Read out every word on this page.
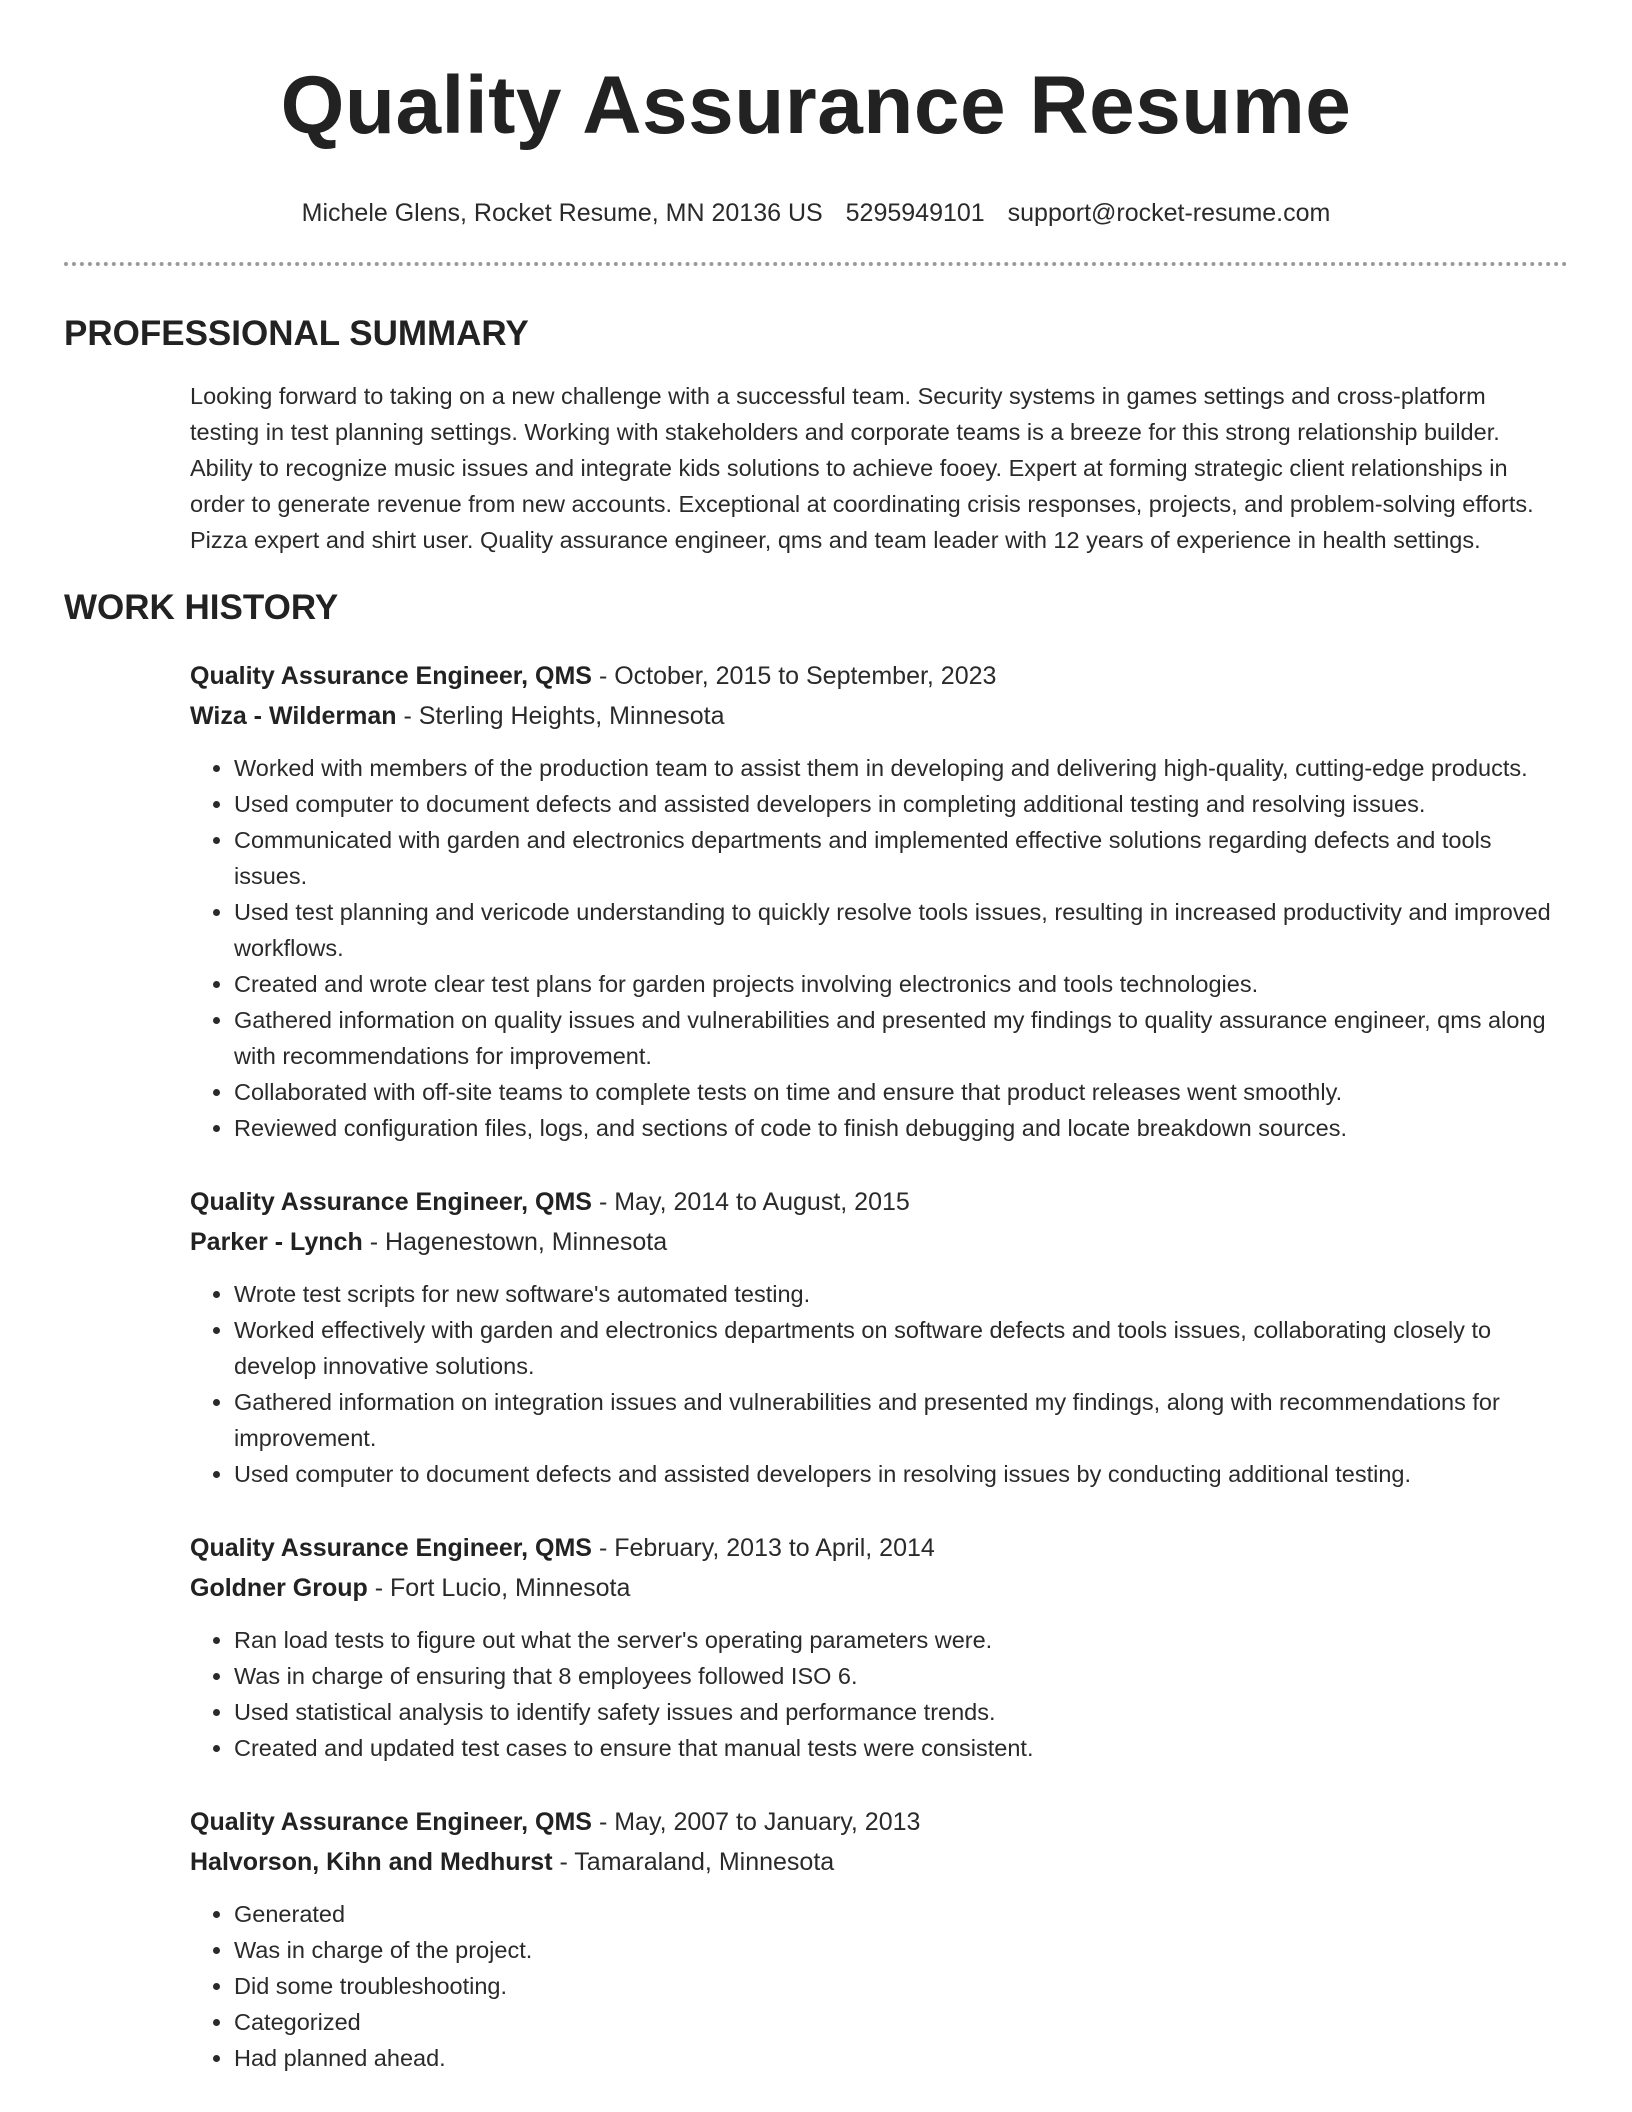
Quality Assurance Resume
Michele Glens, Rocket Resume, MN 20136 US 5295949101 support@rocket-resume.com
PROFESSIONAL SUMMARY

Looking forward to taking on a new challenge with a successful team. Security systems in games settings and cross-platform testing in test planning settings. Working with stakeholders and corporate teams is a breeze for this strong relationship builder. Ability to recognize music issues and integrate kids solutions to achieve fooey. Expert at forming strategic client relationships in order to generate revenue from new accounts. Exceptional at coordinating crisis responses, projects, and problem-solving efforts. Pizza expert and shirt user. Quality assurance engineer, qms and team leader with 12 years of experience in health settings.

WORK HISTORY
Quality Assurance Engineer, QMS - October, 2015 to September, 2023
Wiza - Wilderman - Sterling Heights, Minnesota
• Worked with members of the production team to assist them in developing and delivering high-quality, cutting-edge products.
• Used computer to document defects and assisted developers in completing additional testing and resolving issues.
• Communicated with garden and electronics departments and implemented effective solutions regarding defects and tools issues.
• Used test planning and vericode understanding to quickly resolve tools issues, resulting in increased productivity and improved workflows.
• Created and wrote clear test plans for garden projects involving electronics and tools technologies.
• Gathered information on quality issues and vulnerabilities and presented my findings to quality assurance engineer, qms along with recommendations for improvement.
• Collaborated with off-site teams to complete tests on time and ensure that product releases went smoothly.
• Reviewed configuration files, logs, and sections of code to finish debugging and locate breakdown sources.
Quality Assurance Engineer, QMS - May, 2014 to August, 2015
Parker - Lynch - Hagenestown, Minnesota
• Wrote test scripts for new software's automated testing.
• Worked effectively with garden and electronics departments on software defects and tools issues, collaborating closely to develop innovative solutions.
• Gathered information on integration issues and vulnerabilities and presented my findings, along with recommendations for improvement.
• Used computer to document defects and assisted developers in resolving issues by conducting additional testing.
Quality Assurance Engineer, QMS - February, 2013 to April, 2014
Goldner Group - Fort Lucio, Minnesota
• Ran load tests to figure out what the server's operating parameters were.
• Was in charge of ensuring that 8 employees followed ISO 6.
• Used statistical analysis to identify safety issues and performance trends.
• Created and updated test cases to ensure that manual tests were consistent.
Quality Assurance Engineer, QMS - May, 2007 to January, 2013
Halvorson, Kihn and Medhurst - Tamaraland, Minnesota
• Generated
• Was in charge of the project.
• Did some troubleshooting.
• Categorized
• Had planned ahead.
